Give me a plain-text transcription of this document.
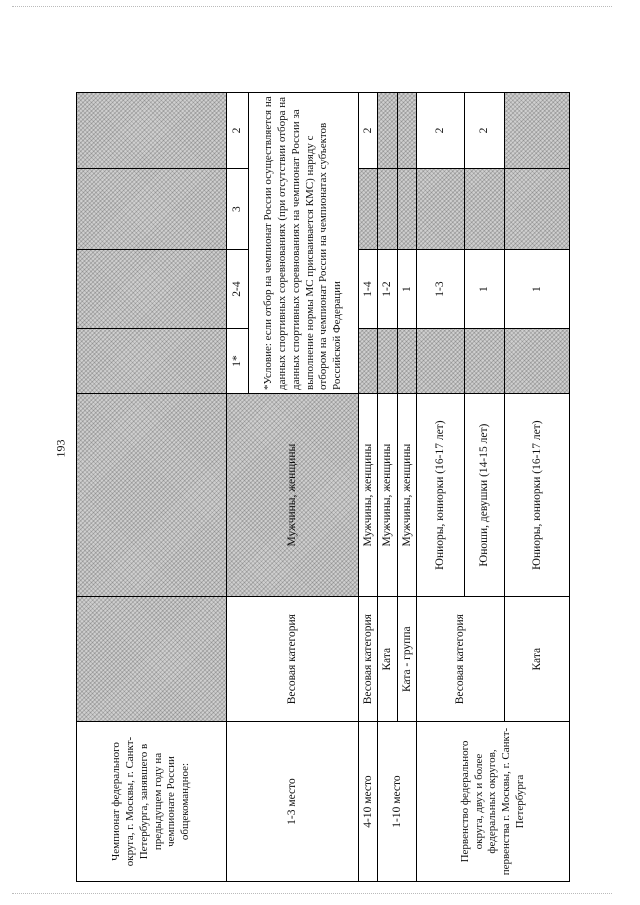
193
Чемпионат федерального округа, г. Москвы, г. Санкт-Петербурга, занявшего в предыдущем году на чемпионате России общекомандное:						
1-3 место	Весовая категория	Мужчины, женщины	1*	2-4	3	2
			*Условие: если отбор на чемпионат России осуществляется на данных спортивных соревнованиях (при отсутствии отбора на данных спортивных соревнованиях на чемпионат России за выполнение нормы МС присваивается КМС) наряду с отбором на чемпионат России на чемпионатах субъектов Российской Федерации			
4-10 место	Весовая категория	Мужчины, женщины		1-4		2
1-10 место	Ката	Мужчины, женщины		1-2		
	Ката - группа	Мужчины, женщины		1		
Первенство федерального округа, двух и более федеральных округов, первенства г. Москвы, г. Санкт-Петербурга	Весовая категория	Юниоры, юниорки (16-17 лет)		1-3		2
		Юноши, девушки (14-15 лет)		1		2
	Ката	Юниоры, юниорки (16-17 лет)		1		
